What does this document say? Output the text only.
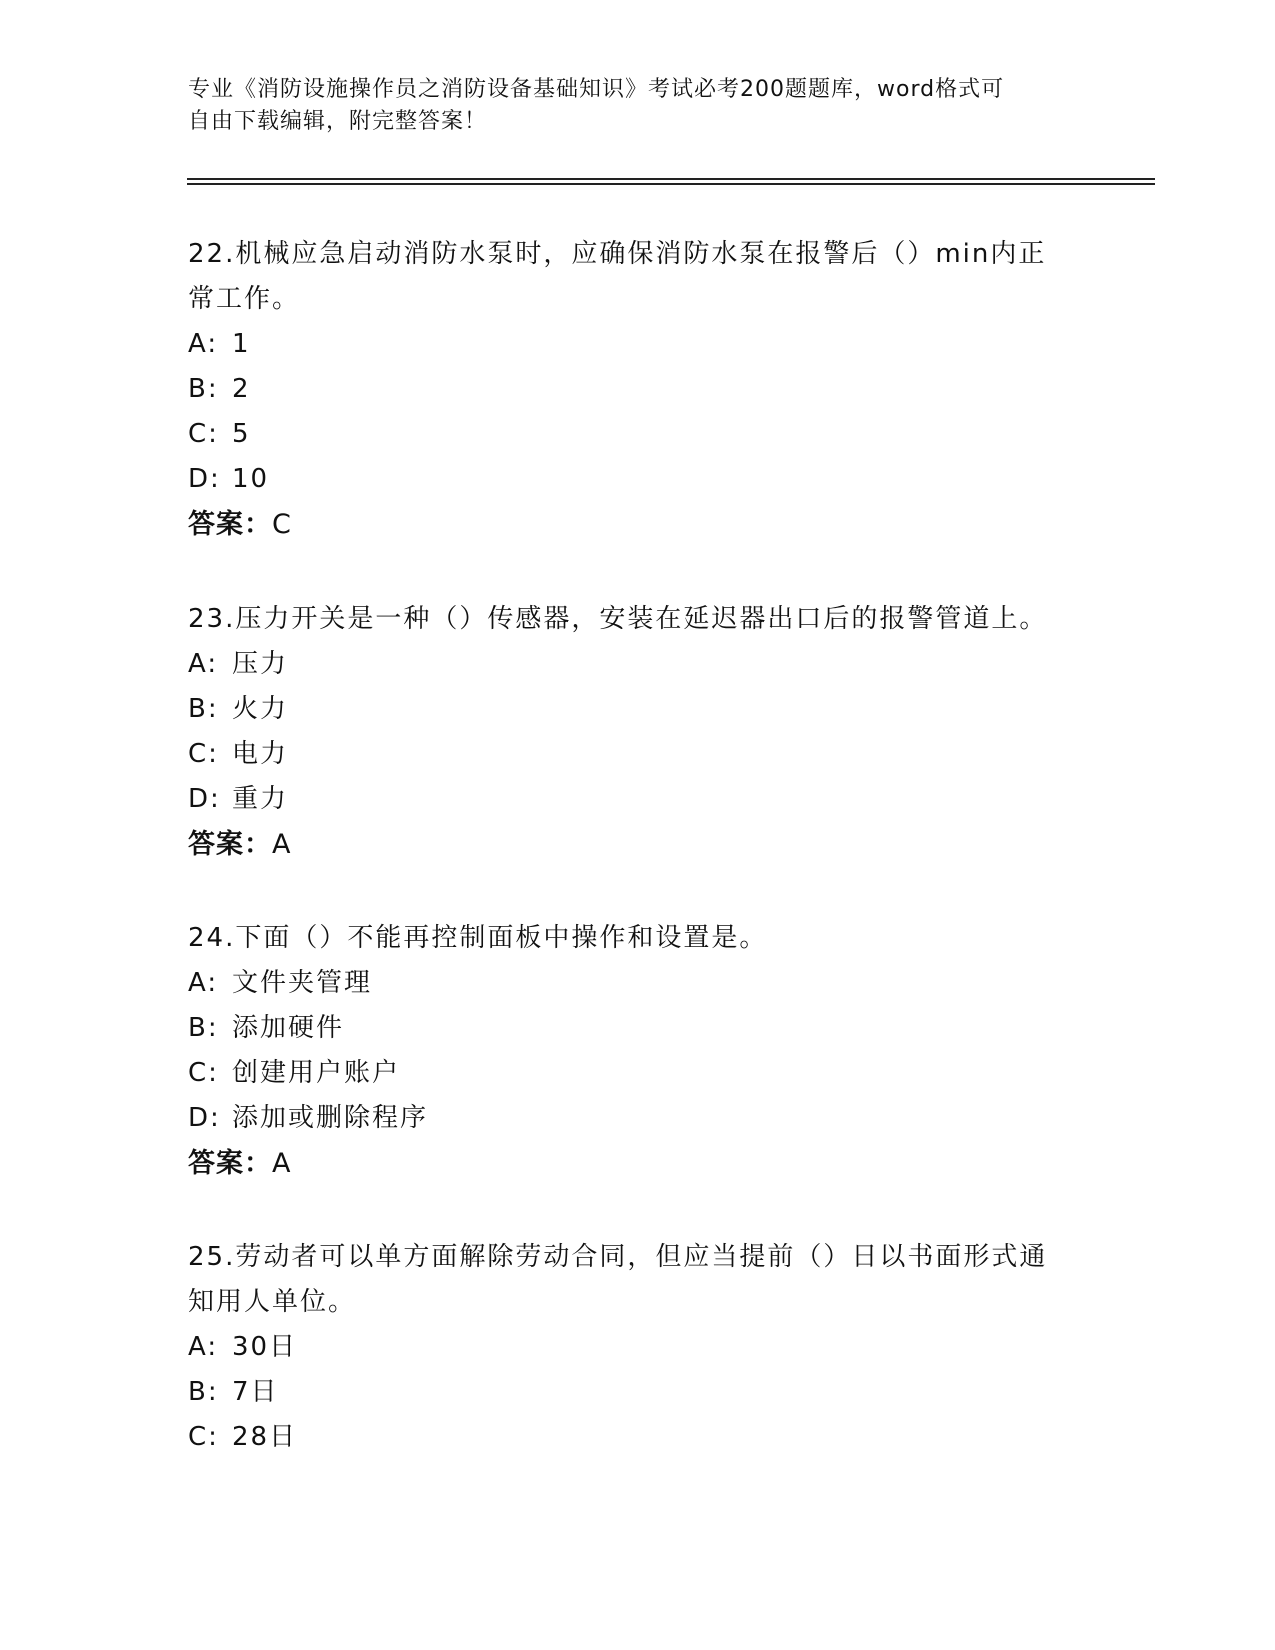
专业《消防设施操作员之消防设备基础知识》考试必考200题题库，word格式可
自由下载编辑，附完整答案！

22.机械应急启动消防水泵时，应确保消防水泵在报警后（）min内正
常工作。

A: 1
B: 2
C: 5
D: 10
答案：C

23.压力开关是一种（）传感器，安装在延迟器出口后的报警管道上。

A: 压力
B: 火力
C: 电力
D: 重力
答案：A

24.下面（）不能再控制面板中操作和设置是。

A: 文件夹管理
B: 添加硬件
C: 创建用户账户
D: 添加或删除程序
答案：A

25.劳动者可以单方面解除劳动合同，但应当提前（）日以书面形式通
知用人单位。

A: 30日
B: 7日
C: 28日
